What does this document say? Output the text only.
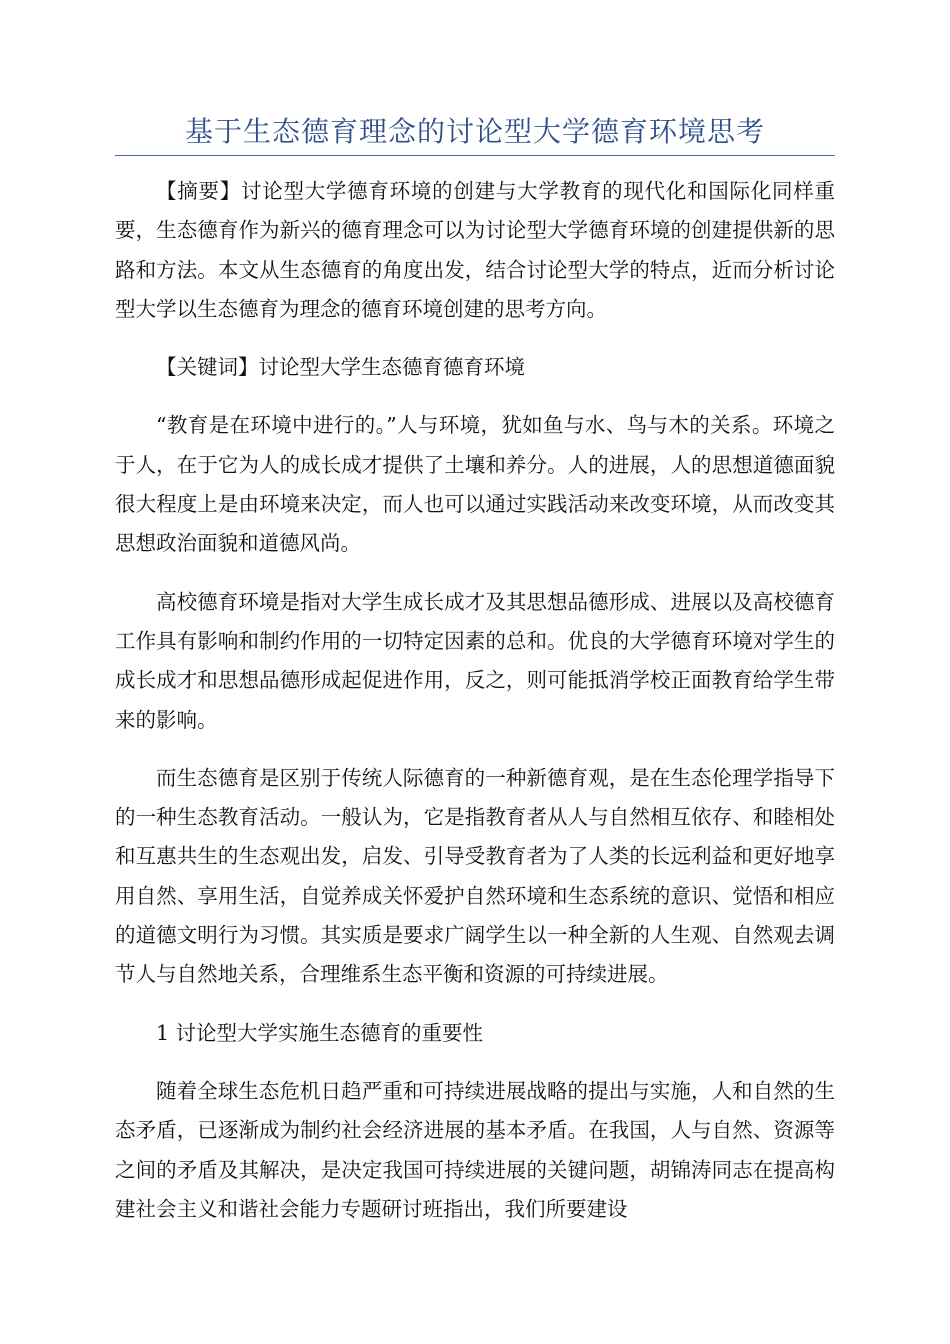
基于生态德育理念的讨论型大学德育环境思考

【摘要】讨论型大学德育环境的创建与大学教育的现代化和国际化同样重要，生态德育作为新兴的德育理念可以为讨论型大学德育环境的创建提供新的思路和方法。本文从生态德育的角度出发，结合讨论型大学的特点，近而分析讨论型大学以生态德育为理念的德育环境创建的思考方向。

【关键词】讨论型大学生态德育德育环境

“教育是在环境中进行的。”人与环境，犹如鱼与水、鸟与木的关系。环境之于人，在于它为人的成长成才提供了土壤和养分。人的进展，人的思想道德面貌很大程度上是由环境来决定，而人也可以通过实践活动来改变环境，从而改变其思想政治面貌和道德风尚。

高校德育环境是指对大学生成长成才及其思想品德形成、进展以及高校德育工作具有影响和制约作用的一切特定因素的总和。优良的大学德育环境对学生的成长成才和思想品德形成起促进作用，反之，则可能抵消学校正面教育给学生带来的影响。

而生态德育是区别于传统人际德育的一种新德育观，是在生态伦理学指导下的一种生态教育活动。一般认为，它是指教育者从人与自然相互依存、和睦相处和互惠共生的生态观出发，启发、引导受教育者为了人类的长远利益和更好地享用自然、享用生活，自觉养成关怀爱护自然环境和生态系统的意识、觉悟和相应的道德文明行为习惯。其实质是要求广阔学生以一种全新的人生观、自然观去调节人与自然地关系，合理维系生态平衡和资源的可持续进展。

1 讨论型大学实施生态德育的重要性

随着全球生态危机日趋严重和可持续进展战略的提出与实施，人和自然的生态矛盾，已逐渐成为制约社会经济进展的基本矛盾。在我国，人与自然、资源等之间的矛盾及其解决，是决定我国可持续进展的关键问题，胡锦涛同志在提高构建社会主义和谐社会能力专题研讨班指出，我们所要建设
